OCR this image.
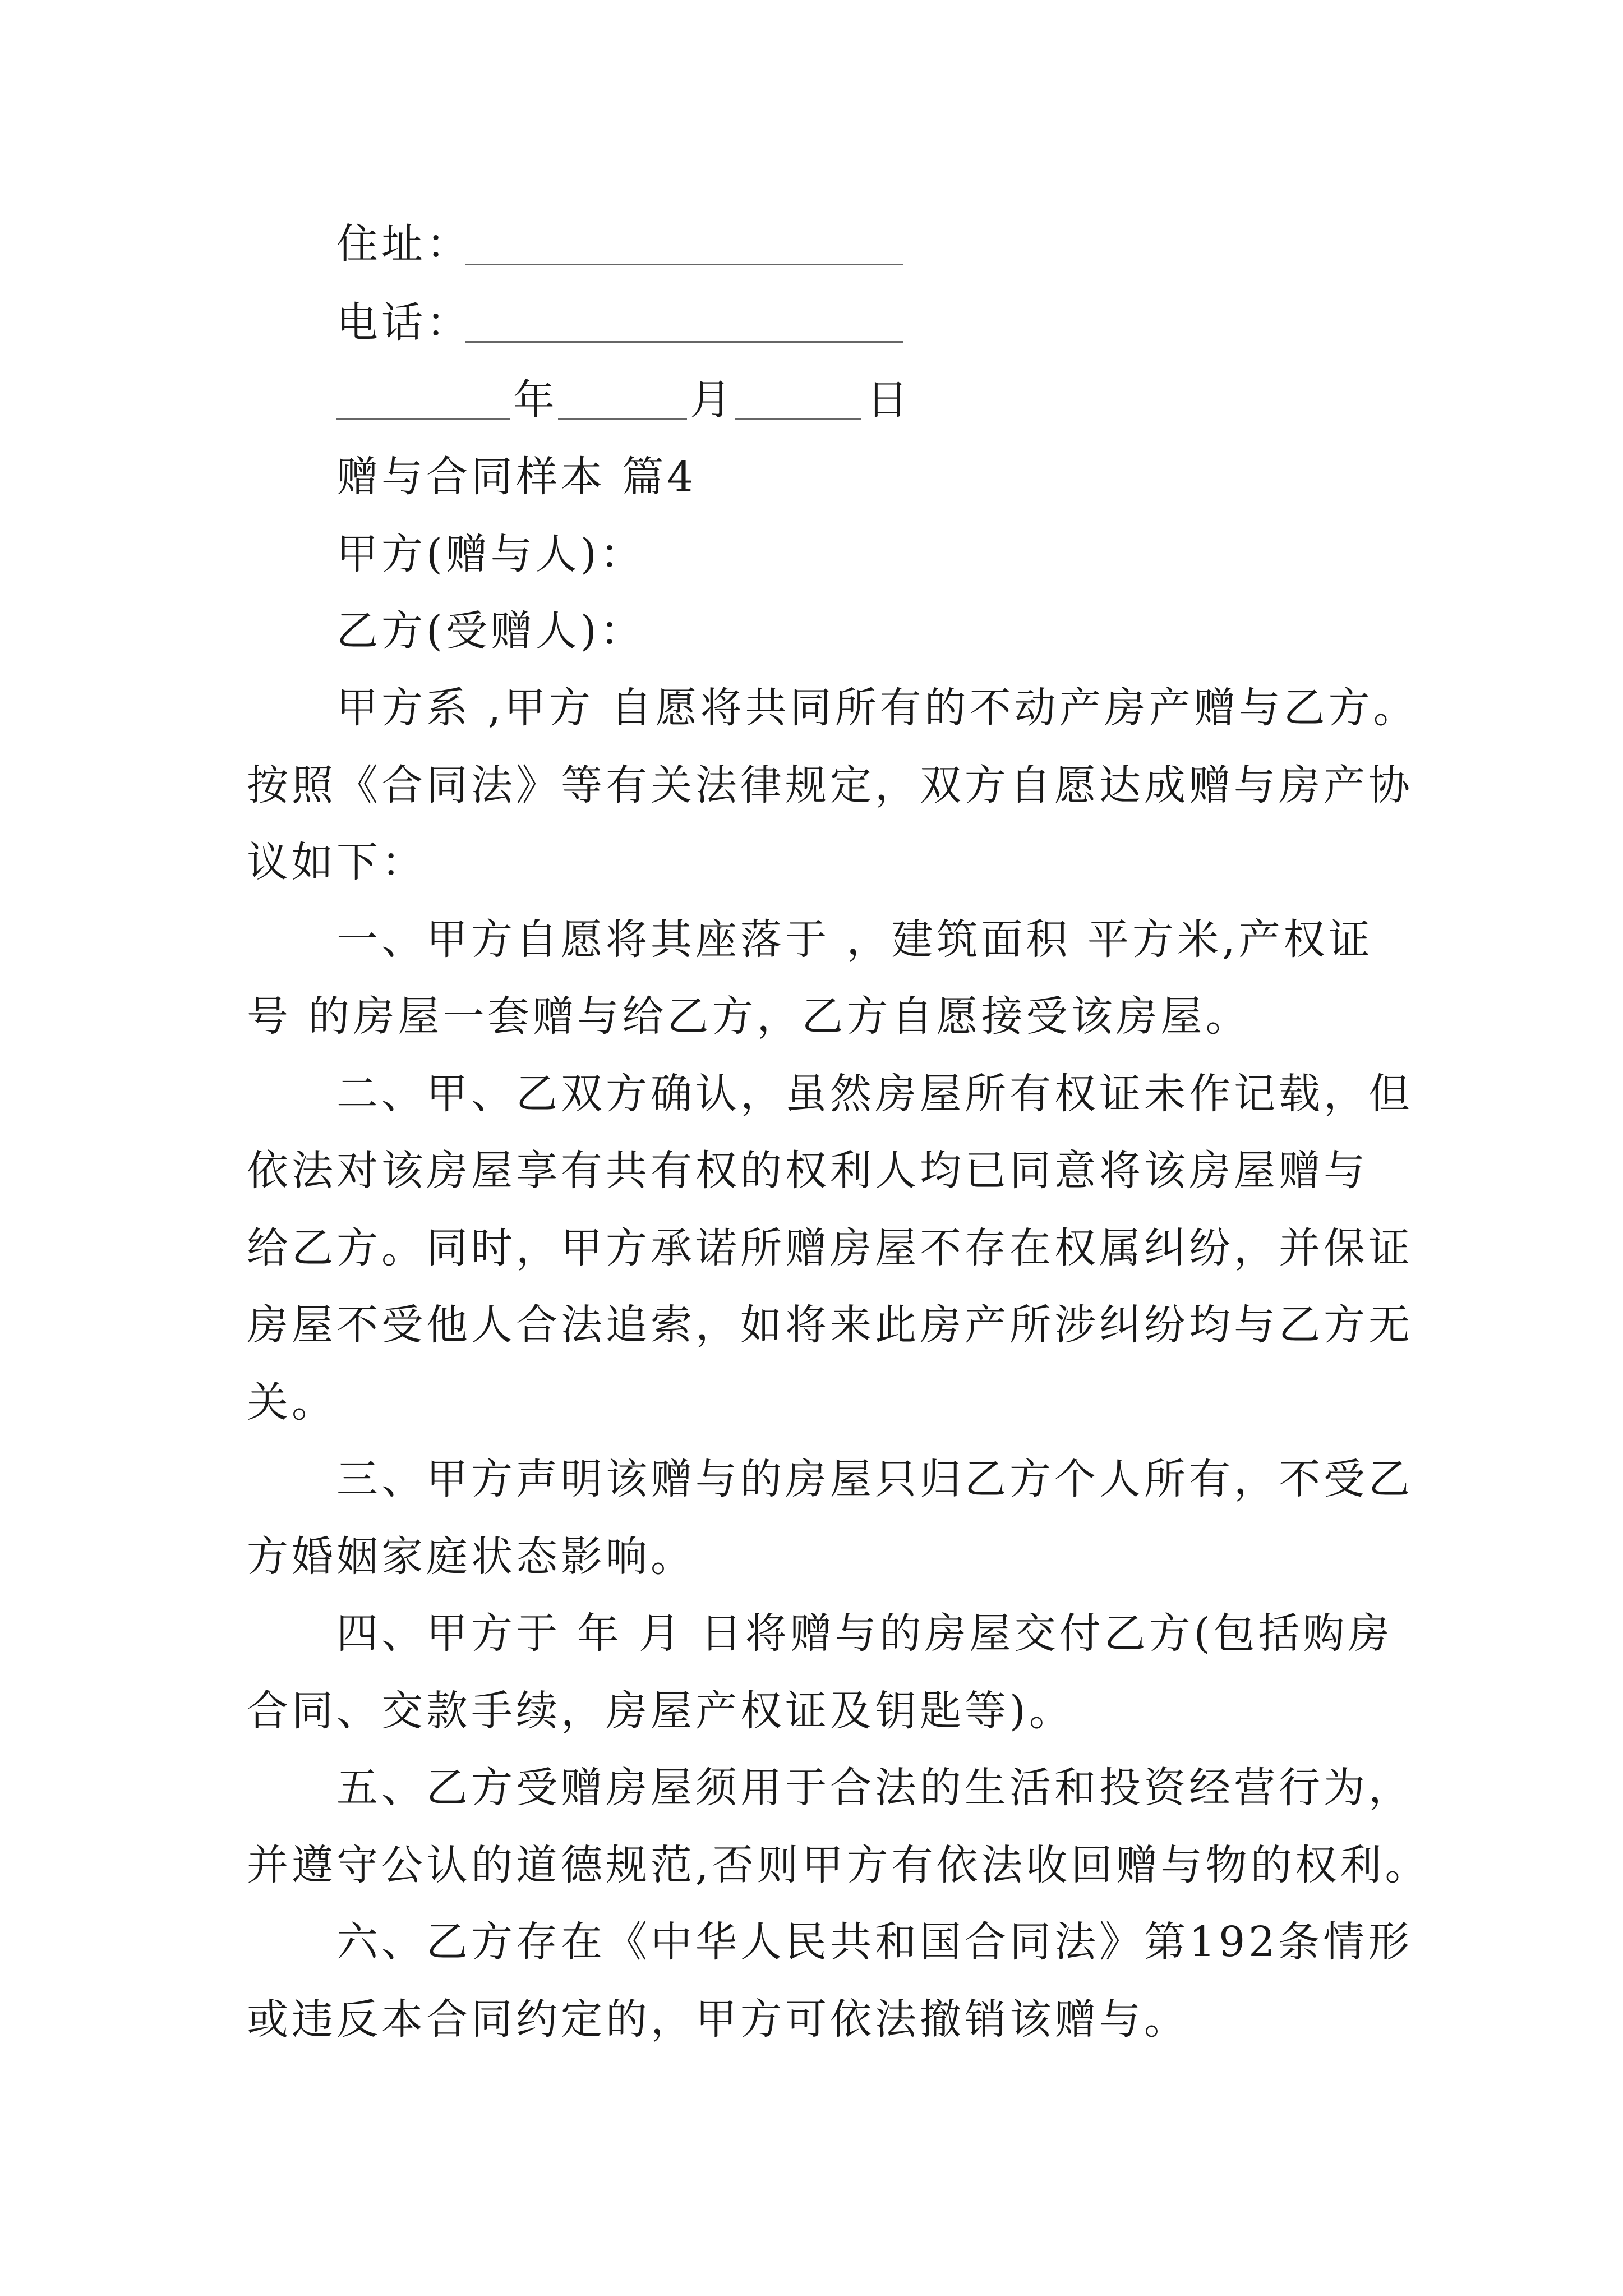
住址：
电话：
年	月	日
赠与合同样本 篇4
甲方(赠与人)：
乙方(受赠人)：
甲方系 ,甲方 自愿将共同所有的不动产房产赠与乙方。
按照《合同法》等有关法律规定，双方自愿达成赠与房产协
议如下：
一、甲方自愿将其座落于 ，建筑面积 平方米,产权证
号 的房屋一套赠与给乙方，乙方自愿接受该房屋。
二、甲、乙双方确认，虽然房屋所有权证未作记载，但
依法对该房屋享有共有权的权利人均已同意将该房屋赠与
给乙方。同时，甲方承诺所赠房屋不存在权属纠纷，并保证
房屋不受他人合法追索，如将来此房产所涉纠纷均与乙方无
关。
三、甲方声明该赠与的房屋只归乙方个人所有，不受乙
方婚姻家庭状态影响。
四、甲方于 年 月 日将赠与的房屋交付乙方(包括购房
合同、交款手续，房屋产权证及钥匙等)。
五、乙方受赠房屋须用于合法的生活和投资经营行为，
并遵守公认的道德规范,否则甲方有依法收回赠与物的权利。
六、乙方存在《中华人民共和国合同法》第192条情形
或违反本合同约定的，甲方可依法撤销该赠与。
